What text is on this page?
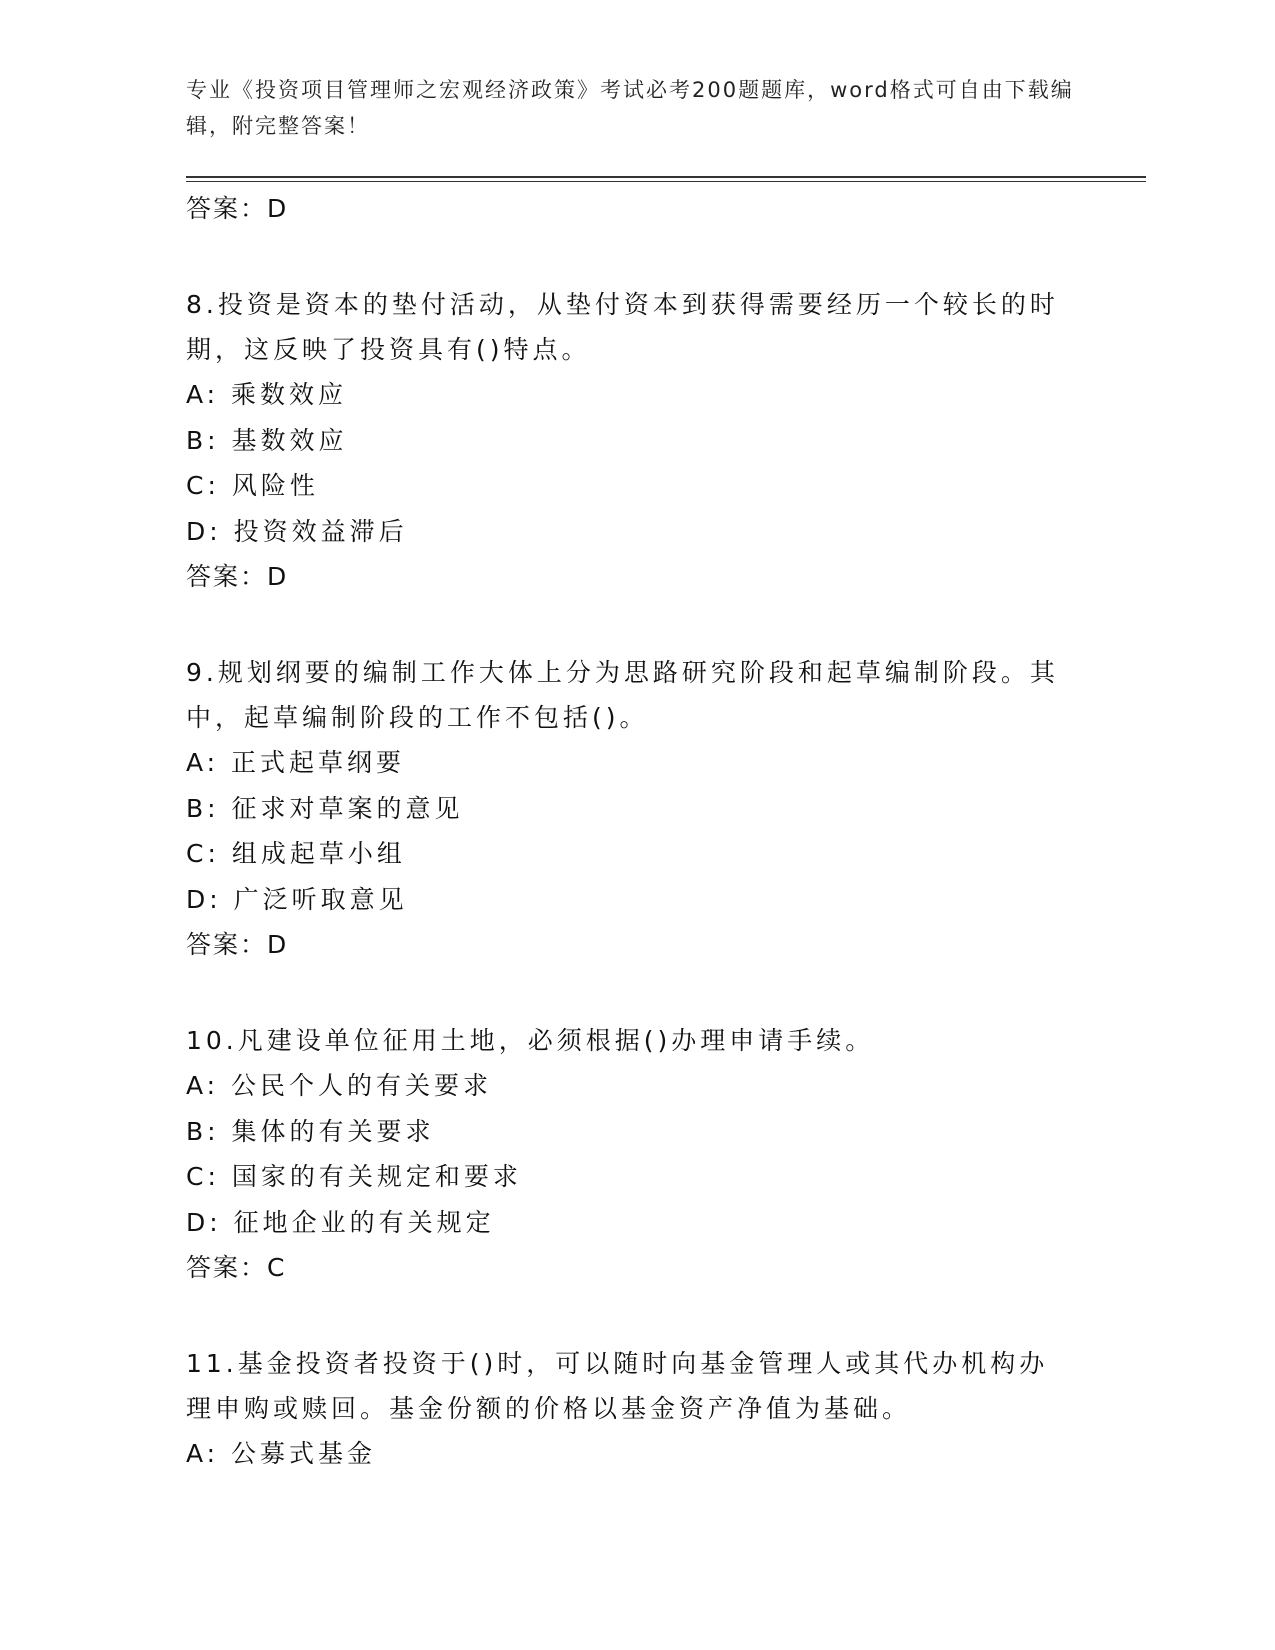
专业《投资项目管理师之宏观经济政策》考试必考200题题库，word格式可自由下载编辑，附完整答案！
答案：D
8.投资是资本的垫付活动，从垫付资本到获得需要经历一个较长的时期，这反映了投资具有()特点。
A: 乘数效应
B: 基数效应
C: 风险性
D: 投资效益滞后
答案：D
9.规划纲要的编制工作大体上分为思路研究阶段和起草编制阶段。其中，起草编制阶段的工作不包括()。
A: 正式起草纲要
B: 征求对草案的意见
C: 组成起草小组
D: 广泛听取意见
答案：D
10.凡建设单位征用土地，必须根据()办理申请手续。
A: 公民个人的有关要求
B: 集体的有关要求
C: 国家的有关规定和要求
D: 征地企业的有关规定
答案：C
11.基金投资者投资于()时，可以随时向基金管理人或其代办机构办理申购或赎回。基金份额的价格以基金资产净值为基础。
A: 公募式基金
